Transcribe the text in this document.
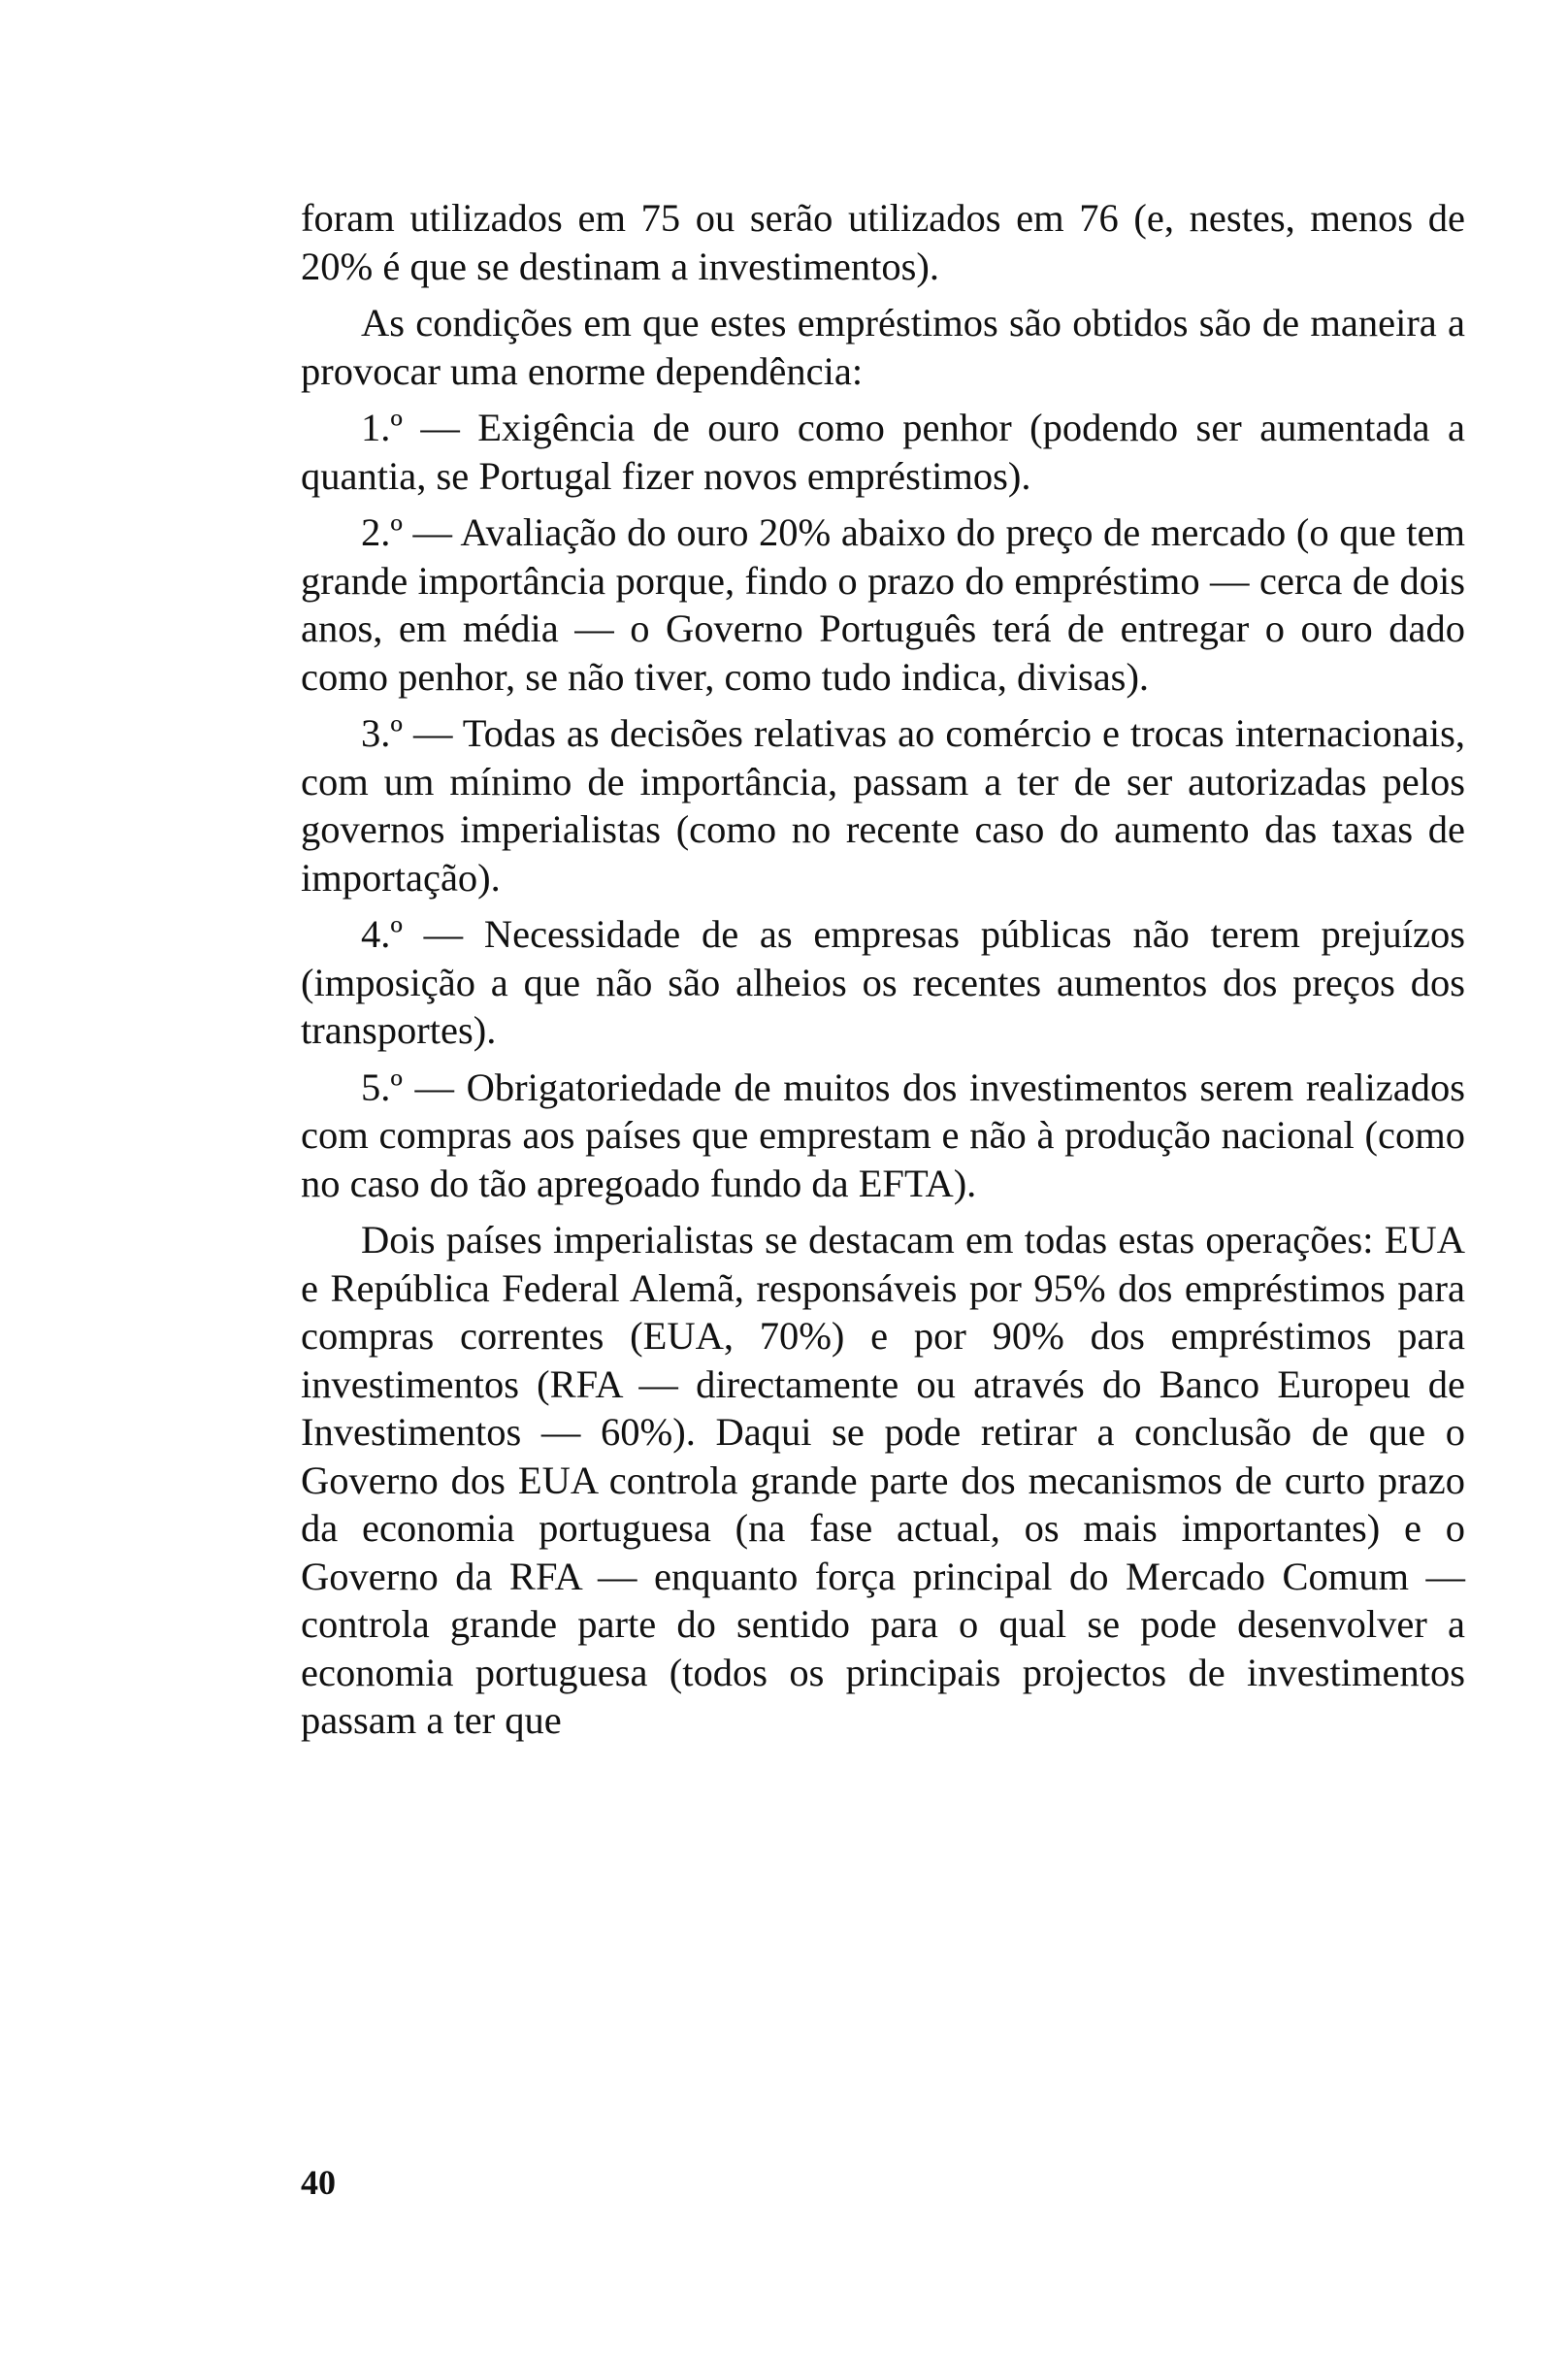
foram utilizados em 75 ou serão utilizados em 76 (e, nestes, menos de 20% é que se destinam a investimentos).

As condições em que estes empréstimos são obtidos são de maneira a provocar uma enorme dependência:

1.º — Exigência de ouro como penhor (podendo ser aumentada a quantia, se Portugal fizer novos empréstimos).

2.º — Avaliação do ouro 20% abaixo do preço de mercado (o que tem grande importância porque, findo o prazo do empréstimo — cerca de dois anos, em média — o Governo Português terá de entregar o ouro dado como penhor, se não tiver, como tudo indica, divisas).

3.º — Todas as decisões relativas ao comércio e trocas internacionais, com um mínimo de importância, passam a ter de ser autorizadas pelos governos imperialistas (como no recente caso do aumento das taxas de importação).

4.º — Necessidade de as empresas públicas não terem prejuízos (imposição a que não são alheios os recentes aumentos dos preços dos transportes).

5.º — Obrigatoriedade de muitos dos investimentos serem realizados com compras aos países que emprestam e não à produção nacional (como no caso do tão apregoado fundo da EFTA).

Dois países imperialistas se destacam em todas estas operações: EUA e República Federal Alemã, responsáveis por 95% dos empréstimos para compras correntes (EUA, 70%) e por 90% dos empréstimos para investimentos (RFA — directamente ou através do Banco Europeu de Investimentos — 60%). Daqui se pode retirar a conclusão de que o Governo dos EUA controla grande parte dos mecanismos de curto prazo da economia portuguesa (na fase actual, os mais importantes) e o Governo da RFA — enquanto força principal do Mercado Comum — controla grande parte do sentido para o qual se pode desenvolver a economia portuguesa (todos os principais projectos de investimentos passam a ter que

40
